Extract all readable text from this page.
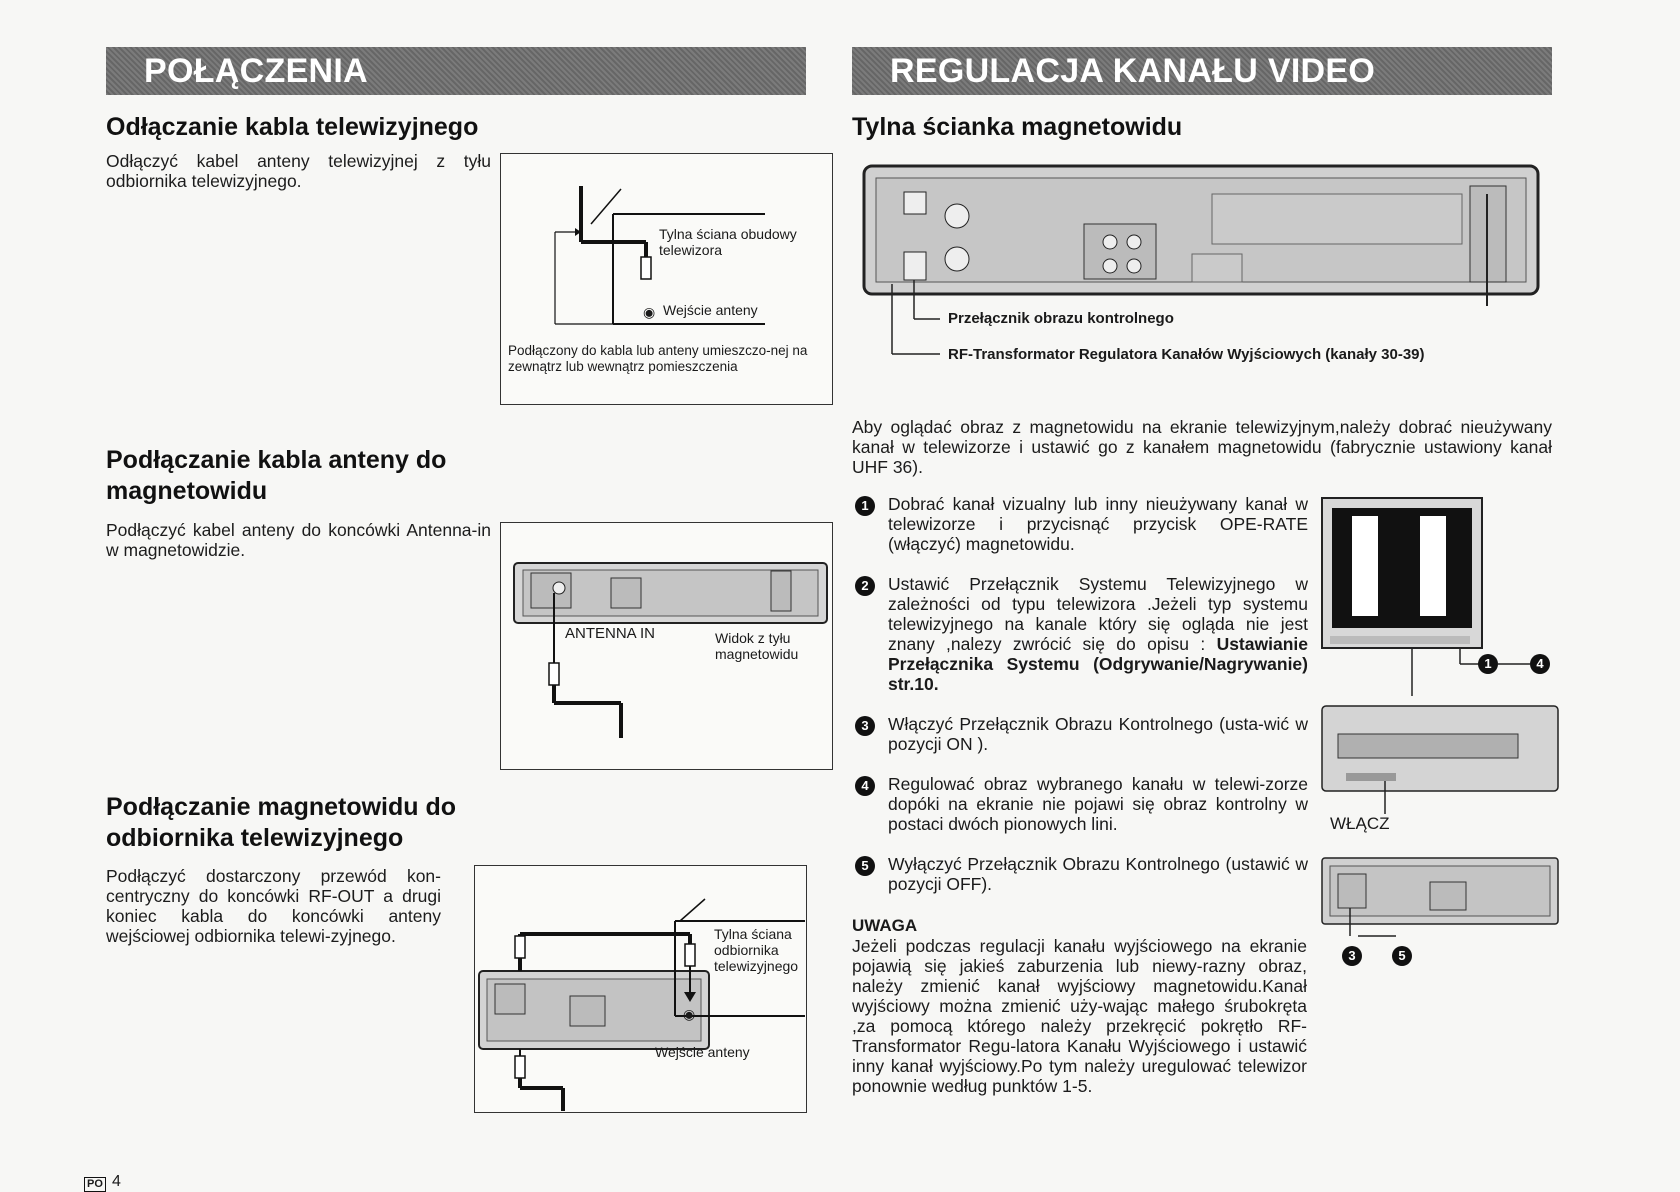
POŁĄCZENIA
Odłączanie kabla telewizyjnego
Odłączyć kabel anteny telewizyjnej z tyłu odbiornika telewizyjnego.
◉
Tylna ściana obudowy telewizora
Wejście anteny
Podłączony do kabla lub anteny umieszczo-nej na zewnątrz lub wewnątrz pomieszczenia
Podłączanie kabla anteny do magnetowidu
Podłączyć kabel anteny do koncówki Antenna-in w magnetowidzie.
ANTENNA IN	Widok z tyłu magnetowidu
Podłączanie magnetowidu do odbiornika telewizyjnego
Podłączyć dostarczony przewód kon-centryczny do koncówki RF-OUT a drugi koniec kabla do koncówki anteny wejściowej odbiornika telewi-zyjnego.
◉
Tylna ściana odbiornika telewizyjnego
Wejście anteny
PO 4
REGULACJA KANAŁU VIDEO
Tylna ścianka magnetowidu
Przełącznik obrazu kontrolnego
RF-Transformator Regulatora Kanałów Wyjściowych (kanały 30-39)
Aby oglądać obraz z magnetowidu na ekranie telewizyjnym,należy dobrać nieużywany kanał w telewizorze i ustawić go z kanałem magnetowidu (fabrycznie ustawiony kanał UHF 36).
1	Dobrać kanał vizualny lub inny nieużywany kanał w telewizorze i przycisnąć przycisk OPE-RATE (włączyć) magnetowidu.
2	Ustawić Przełącznik Systemu Telewizyjnego w zależności od typu telewizora .Jeżeli typ systemu telewizyjnego na kanale który się ogląda nie jest znany ,nalezy zwrócić się do opisu : Ustawianie Przełącznika Systemu (Odgrywanie/Nagrywanie) str.10.
3	Włączyć Przełącznik Obrazu Kontrolnego (usta-wić w pozycji ON ).
4	Regulować obraz wybranego kanału w telewi-zorze dopóki na ekranie nie pojawi się obraz kontrolny w postaci dwóch pionowych lini.
5	Wyłączyć Przełącznik Obrazu Kontrolnego (ustawić w pozycji OFF).
1	4
WŁĄCZ
3	5
UWAGA
Jeżeli podczas regulacji kanału wyjściowego na ekranie pojawią się jakieś zaburzenia lub niewy-razny obraz, należy zmienić kanał wyjściowy magnetowidu.Kanał wyjściowy można zmienić uży-wając małego śrubokręta ,za pomocą którego należy przekręcić pokrętło RF-Transformator Regu-latora Kanału Wyjściowego i ustawić inny kanał wyjściowy.Po tym należy uregulować telewizor ponownie według punktów 1-5.
